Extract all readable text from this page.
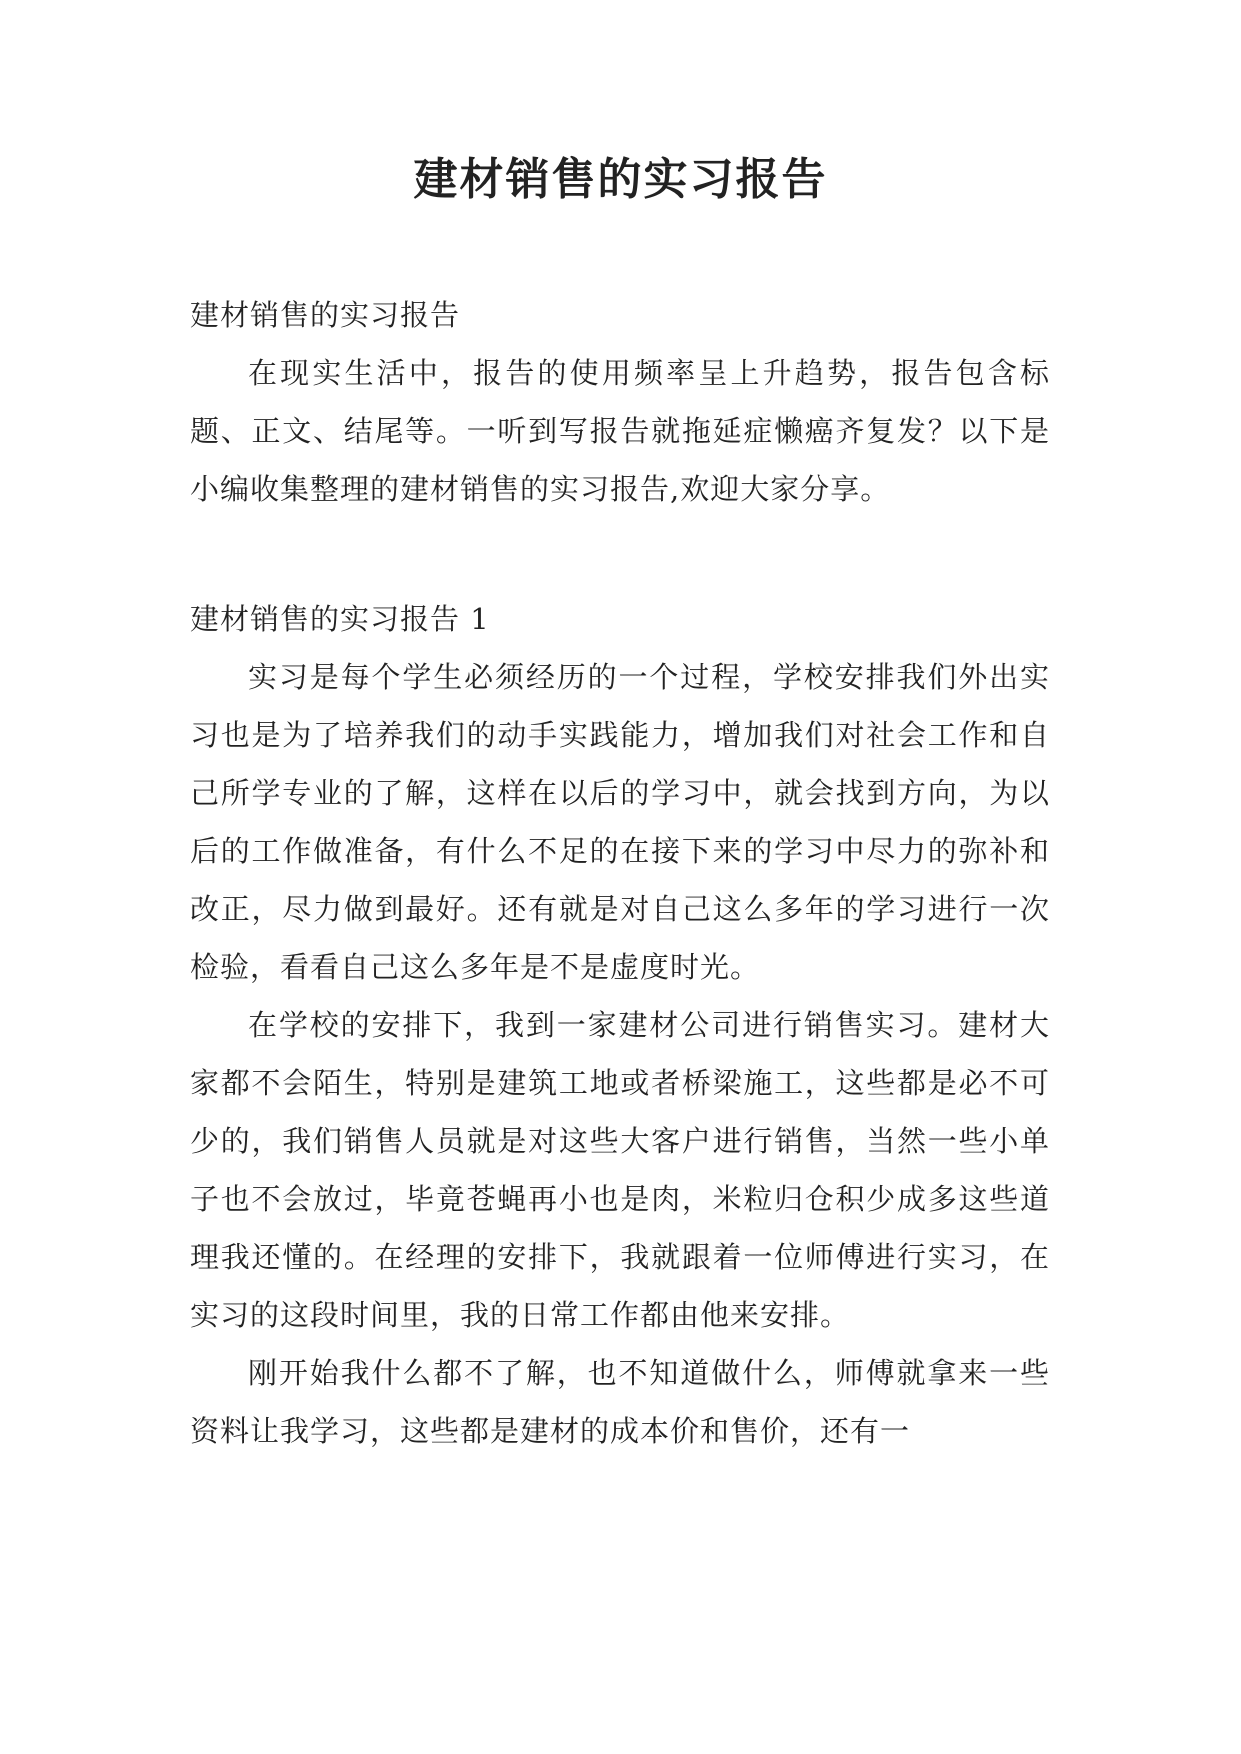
建材销售的实习报告

建材销售的实习报告

在现实生活中，报告的使用频率呈上升趋势，报告包含标题、正文、结尾等。一听到写报告就拖延症懒癌齐复发？以下是小编收集整理的建材销售的实习报告,欢迎大家分享。

建材销售的实习报告 1

实习是每个学生必须经历的一个过程，学校安排我们外出实习也是为了培养我们的动手实践能力，增加我们对社会工作和自己所学专业的了解，这样在以后的学习中，就会找到方向，为以后的工作做准备，有什么不足的在接下来的学习中尽力的弥补和改正，尽力做到最好。还有就是对自己这么多年的学习进行一次检验，看看自己这么多年是不是虚度时光。

在学校的安排下，我到一家建材公司进行销售实习。建材大家都不会陌生，特别是建筑工地或者桥梁施工，这些都是必不可少的，我们销售人员就是对这些大客户进行销售，当然一些小单子也不会放过，毕竟苍蝇再小也是肉，米粒归仓积少成多这些道理我还懂的。在经理的安排下，我就跟着一位师傅进行实习，在实习的这段时间里，我的日常工作都由他来安排。

刚开始我什么都不了解，也不知道做什么，师傅就拿来一些资料让我学习，这些都是建材的成本价和售价，还有一
